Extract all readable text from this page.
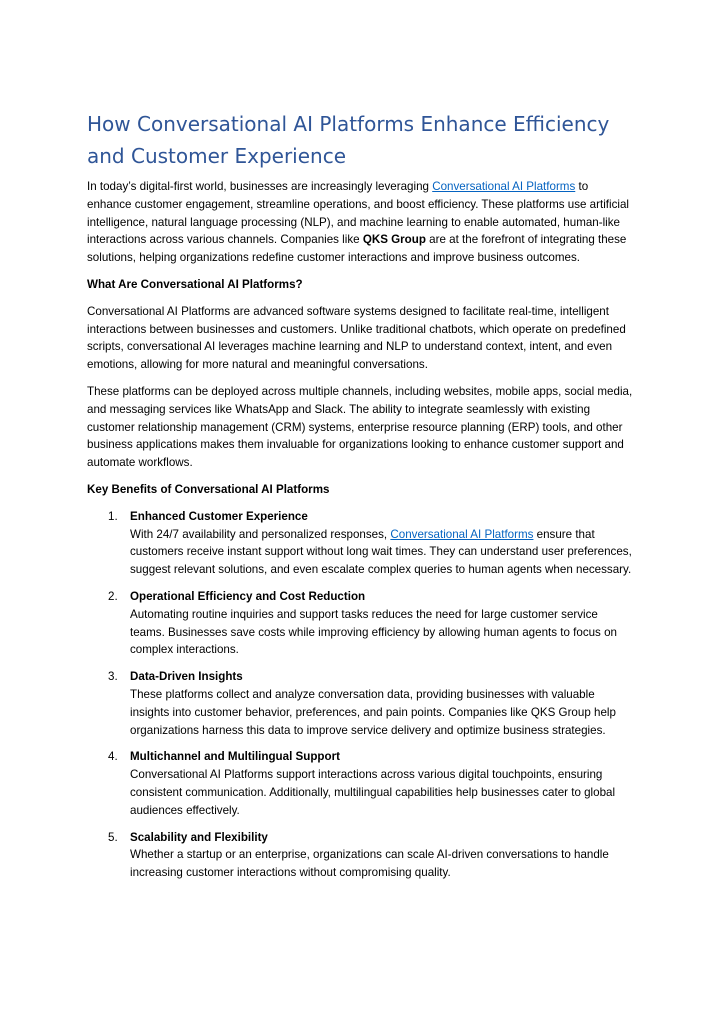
How Conversational AI Platforms Enhance Efficiency and Customer Experience

In today’s digital-first world, businesses are increasingly leveraging Conversational AI Platforms to enhance customer engagement, streamline operations, and boost efficiency. These platforms use artificial intelligence, natural language processing (NLP), and machine learning to enable automated, human-like interactions across various channels. Companies like QKS Group are at the forefront of integrating these solutions, helping organizations redefine customer interactions and improve business outcomes.

What Are Conversational AI Platforms?

Conversational AI Platforms are advanced software systems designed to facilitate real-time, intelligent interactions between businesses and customers. Unlike traditional chatbots, which operate on predefined scripts, conversational AI leverages machine learning and NLP to understand context, intent, and even emotions, allowing for more natural and meaningful conversations.

These platforms can be deployed across multiple channels, including websites, mobile apps, social media, and messaging services like WhatsApp and Slack. The ability to integrate seamlessly with existing customer relationship management (CRM) systems, enterprise resource planning (ERP) tools, and other business applications makes them invaluable for organizations looking to enhance customer support and automate workflows.

Key Benefits of Conversational AI Platforms

1. Enhanced Customer Experience
With 24/7 availability and personalized responses, Conversational AI Platforms ensure that customers receive instant support without long wait times. They can understand user preferences, suggest relevant solutions, and even escalate complex queries to human agents when necessary.
2. Operational Efficiency and Cost Reduction
Automating routine inquiries and support tasks reduces the need for large customer service teams. Businesses save costs while improving efficiency by allowing human agents to focus on complex interactions.
3. Data-Driven Insights
These platforms collect and analyze conversation data, providing businesses with valuable insights into customer behavior, preferences, and pain points. Companies like QKS Group help organizations harness this data to improve service delivery and optimize business strategies.
4. Multichannel and Multilingual Support
Conversational AI Platforms support interactions across various digital touchpoints, ensuring consistent communication. Additionally, multilingual capabilities help businesses cater to global audiences effectively.
5. Scalability and Flexibility
Whether a startup or an enterprise, organizations can scale AI-driven conversations to handle increasing customer interactions without compromising quality.
